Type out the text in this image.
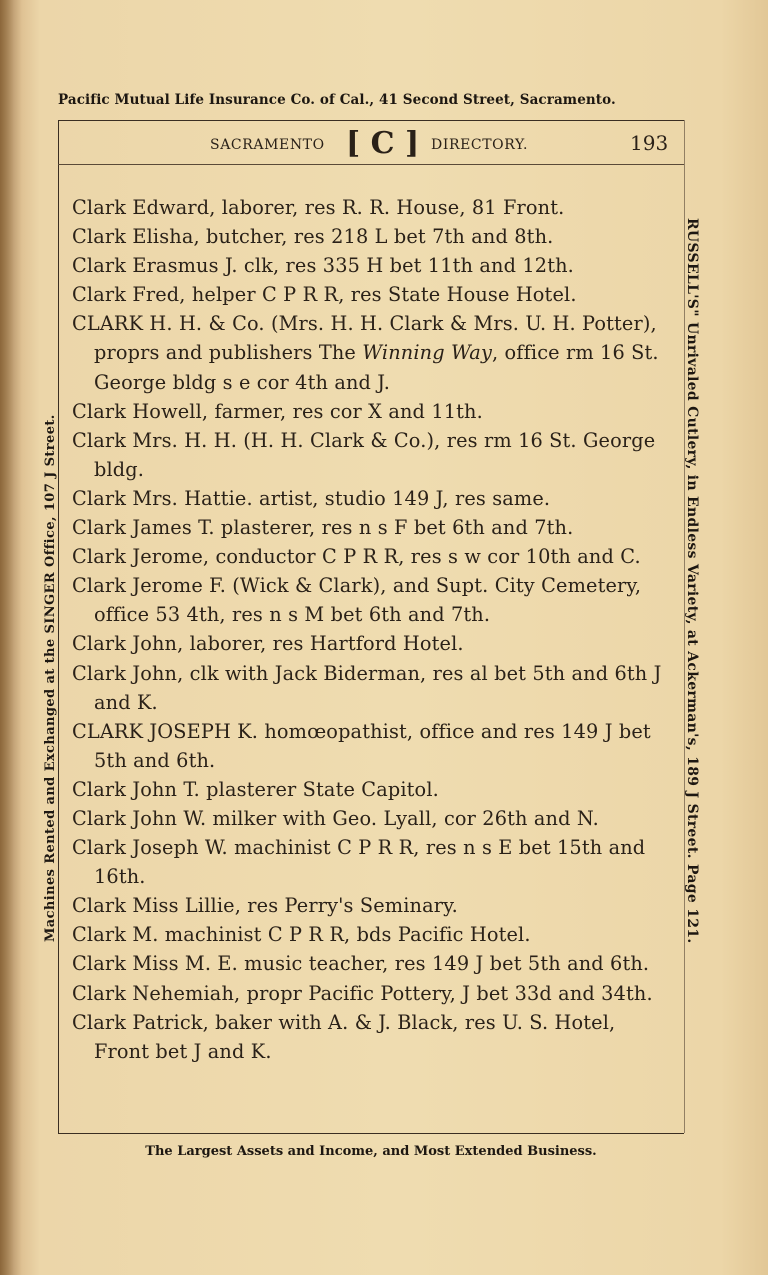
Pacific Mutual Life Insurance Co. of Cal., 41 Second Street, Sacramento.
SACRAMENTO [ C ] DIRECTORY.	193

Clark Edward, laborer, res R. R. House, 81 Front.

Clark Elisha, butcher, res 218 L bet 7th and 8th.

Clark Erasmus J. clk, res 335 H bet 11th and 12th.

Clark Fred, helper C P R R, res State House Hotel.

CLARK H. H. & Co. (Mrs. H. H. Clark & Mrs. U. H. Potter), proprs and publishers The Winning Way, office rm 16 St. George bldg s e cor 4th and J.

Clark Howell, farmer, res cor X and 11th.

Clark Mrs. H. H. (H. H. Clark & Co.), res rm 16 St. George bldg.

Clark Mrs. Hattie. artist, studio 149 J, res same.

Clark James T. plasterer, res n s F bet 6th and 7th.

Clark Jerome, conductor C P R R, res s w cor 10th and C.

Clark Jerome F. (Wick & Clark), and Supt. City Cemetery, office 53 4th, res n s M bet 6th and 7th.

Clark John, laborer, res Hartford Hotel.

Clark John, clk with Jack Biderman, res al bet 5th and 6th J and K.

CLARK JOSEPH K. homœopathist, office and res 149 J bet 5th and 6th.

Clark John T. plasterer State Capitol.

Clark John W. milker with Geo. Lyall, cor 26th and N.

Clark Joseph W. machinist C P R R, res n s E bet 15th and 16th.

Clark Miss Lillie, res Perry's Seminary.

Clark M. machinist C P R R, bds Pacific Hotel.

Clark Miss M. E. music teacher, res 149 J bet 5th and 6th.

Clark Nehemiah, propr Pacific Pottery, J bet 33d and 34th.

Clark Patrick, baker with A. & J. Black, res U. S. Hotel, Front bet J and K.

The Largest Assets and Income, and Most Extended Business.
Machines Rented and Exchanged at the SINGER Office, 107 J Street.	RUSSELL'S" Unrivaled Cutlery, in Endless Variety, at Ackerman's, 189 J Street. Page 121.
